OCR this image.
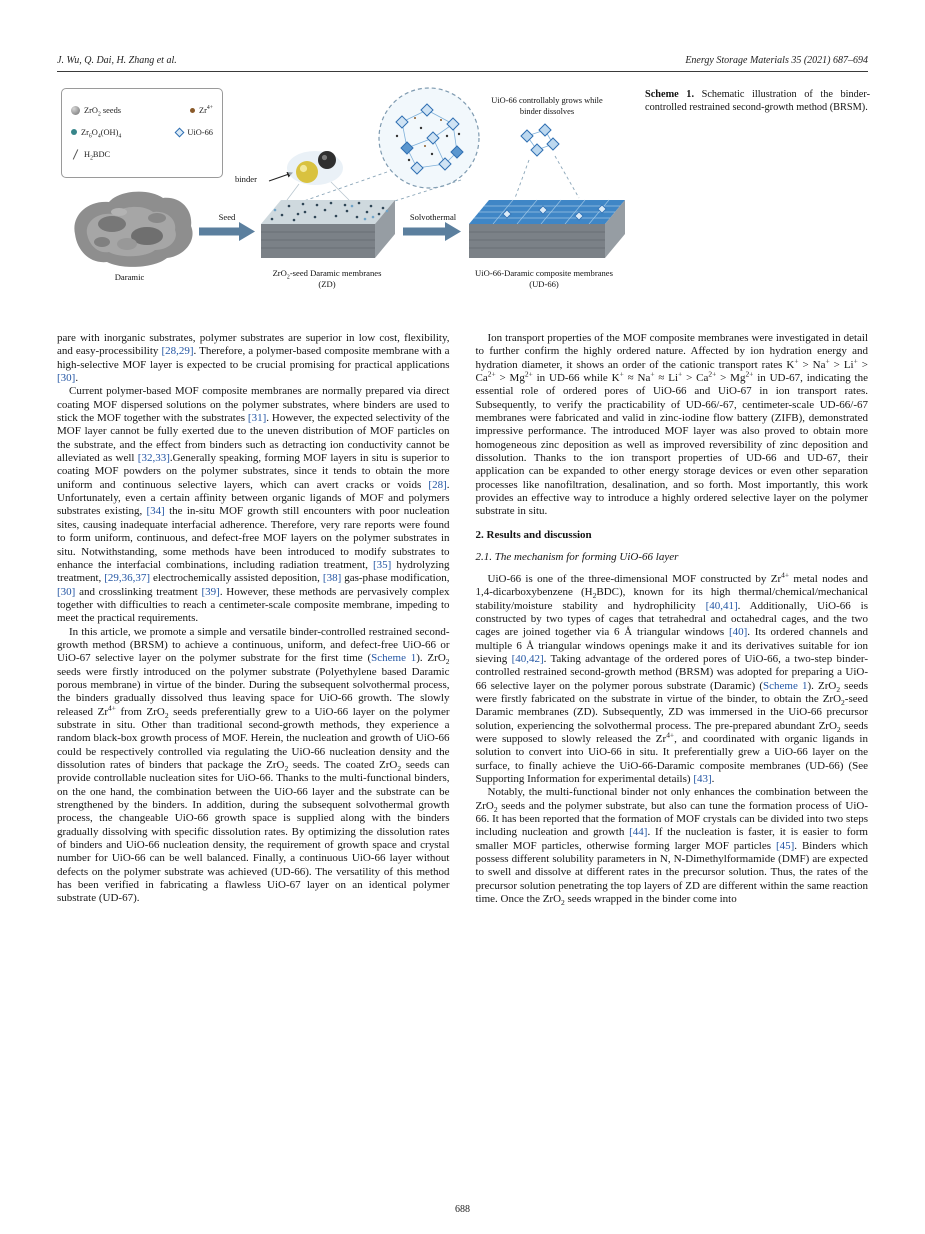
J. Wu, Q. Dai, H. Zhang et al.	Energy Storage Materials 35 (2021) 687–694
ZrO$_2$ seeds	$Zr^{4+}$
$Zr_6O_4(OH)_4$	UiO-66
$H_2BDC$
binder
Seed	Solvothermal
Daramic	ZrO$_2$-seed Daramic membranes
(ZD)
UiO-66-Daramic composite membranes
(UD-66)
UiO-66 controllably grows while binder dissolves
Scheme 1. Schematic illustration of the binder-controlled restrained second-growth method (BRSM).

pare with inorganic substrates, polymer substrates are superior in low cost, flexibility, and easy-processibility [28,29]. Therefore, a polymer-based composite membrane with a high-selective MOF layer is expected to be crucial promising for practical applications [30].

Current polymer-based MOF composite membranes are normally prepared via direct coating MOF dispersed solutions on the polymer substrates, where binders are used to stick the MOF together with the substrates [31]. However, the expected selectivity of the MOF layer cannot be fully exerted due to the uneven distribution of MOF particles on the substrate, and the effect from binders such as detracting ion conductivity cannot be alleviated as well [32,33].Generally speaking, forming MOF layers in situ is superior to coating MOF powders on the polymer substrates, since it tends to obtain the more uniform and continuous selective layers, which can avert cracks or voids [28]. Unfortunately, even a certain affinity between organic ligands of MOF and polymers substrates existing, [34] the in-situ MOF growth still encounters with poor nucleation sites, causing inadequate interfacial adherence. Therefore, very rare reports were found to form uniform, continuous, and defect-free MOF layers on the polymer substrates in situ. Notwithstanding, some methods have been introduced to modify substrates to enhance the interfacial combinations, including radiation treatment, [35] hydrolyzing treatment, [29,36,37] electrochemically assisted deposition, [38] gas-phase modification, [30] and crosslinking treatment [39]. However, these methods are pervasively complex together with difficulties to reach a centimeter-scale composite membrane, impeding to meet the practical requirements.

In this article, we promote a simple and versatile binder-controlled restrained second-growth method (BRSM) to achieve a continuous, uniform, and defect-free UiO-66 or UiO-67 selective layer on the polymer substrate for the first time (Scheme 1). ZrO$_2$ seeds were firstly introduced on the polymer substrate (Polyethylene based Daramic porous membrane) in virtue of the binder. During the subsequent solvothermal process, the binders gradually dissolved thus leaving space for UiO-66 growth. The slowly released $Zr^{4+}$ from ZrO$_2$ seeds preferentially grew to a UiO-66 layer on the polymer substrate in situ. Other than traditional second-growth methods, they experience a random black-box growth process of MOF. Herein, the nucleation and growth of UiO-66 could be respectively controlled via regulating the UiO-66 nucleation density and the dissolution rates of binders that package the ZrO$_2$ seeds. The coated ZrO$_2$ seeds can provide controllable nucleation sites for UiO-66. Thanks to the multi-functional binders, on the one hand, the combination between the UiO-66 layer and the substrate can be strengthened by the binders. In addition, during the subsequent solvothermal growth process, the changeable UiO-66 growth space is supplied along with the binders gradually dissolving with specific dissolution rates. By optimizing the dissolution rates of binders and UiO-66 nucleation density, the requirement of growth space and crystal number for UiO-66 can be well balanced. Finally, a continuous UiO-66 layer without defects on the polymer substrate was achieved (UD-66). The versatility of this method has been verified in fabricating a flawless UiO-67 layer on an identical polymer substrate (UD-67).

Ion transport properties of the MOF composite membranes were investigated in detail to further confirm the highly ordered nature. Affected by ion hydration energy and hydration diameter, it shows an order of the cationic transport rates $K^+ > Na^+ > Li^+ > Ca^{2+} > Mg^{2+}$ in UD-66 while $K^+ \approx Na^+ \approx Li^+ > Ca^{2+} > Mg^{2+}$ in UD-67, indicating the essential role of ordered pores of UiO-66 and UiO-67 in ion transport rates. Subsequently, to verify the practicability of UD-66/-67, centimeter-scale UD-66/-67 membranes were fabricated and valid in zinc-iodine flow battery (ZIFB), demonstrated impressive performance. The introduced MOF layer was also proved to obtain more homogeneous zinc deposition as well as improved reversibility of zinc deposition and dissolution. Thanks to the ion transport properties of UD-66 and UD-67, their application can be expanded to other energy storage devices or even other separation processes like nanofiltration, desalination, and so forth. Most importantly, this work provides an effective way to introduce a highly ordered selective layer on the polymer substrate in situ.

2. Results and discussion
2.1. The mechanism for forming UiO-66 layer

UiO-66 is one of the three-dimensional MOF constructed by $Zr^{4+}$ metal nodes and 1,4-dicarboxybenzene $(H_2BDC)$, known for its high thermal/chemical/mechanical stability/moisture stability and hydrophilicity [40,41]. Additionally, UiO-66 is constructed by two types of cages that tetrahedral and octahedral cages, and the two cages are joined together via 6 Å triangular windows [40]. Its ordered channels and multiple 6 Å triangular windows openings make it and its derivatives suitable for ion sieving [40,42]. Taking advantage of the ordered pores of UiO-66, a two-step binder-controlled restrained second-growth method (BRSM) was adopted for preparing a UiO-66 selective layer on the polymer porous substrate (Daramic) (Scheme 1). ZrO$_2$ seeds were firstly fabricated on the substrate in virtue of the binder, to obtain the ZrO$_2$-seed Daramic membranes (ZD). Subsequently, ZD was immersed in the UiO-66 precursor solution, experiencing the solvothermal process. The pre-prepared abundant ZrO$_2$ seeds were supposed to slowly released the $Zr^{4+}$, and coordinated with organic ligands in solution to convert into UiO-66 in situ. It preferentially grew a UiO-66 layer on the surface, to finally achieve the UiO-66-Daramic composite membranes (UD-66) (See Supporting Information for experimental details) [43].

Notably, the multi-functional binder not only enhances the combination between the ZrO$_2$ seeds and the polymer substrate, but also can tune the formation process of UiO-66. It has been reported that the formation of MOF crystals can be divided into two steps including nucleation and growth [44]. If the nucleation is faster, it is easier to form smaller MOF particles, otherwise forming larger MOF particles [45]. Binders which possess different solubility parameters in N, N-Dimethylformamide (DMF) are expected to swell and dissolve at different rates in the precursor solution. Thus, the rates of the precursor solution penetrating the top layers of ZD are different within the same reaction time. Once the ZrO$_2$ seeds wrapped in the binder come into

688
